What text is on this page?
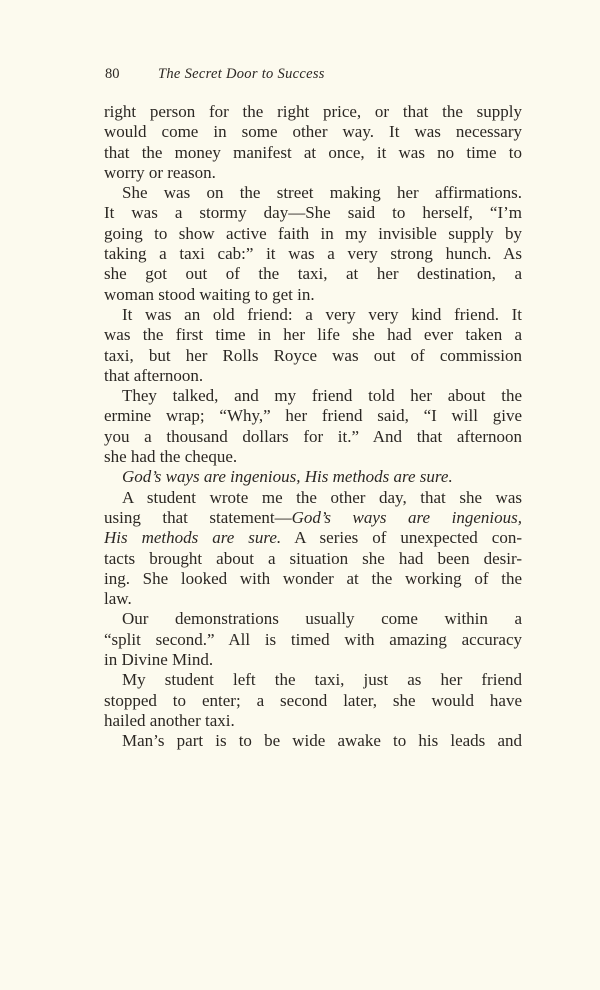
80	The Secret Door to Success
right person for the right price, or that the supply
would come in some other way. It was necessary
that the money manifest at once, it was no time to
worry or reason.
She was on the street making her affirmations.
It was a stormy day—She said to herself, “I’m
going to show active faith in my invisible supply by
taking a taxi cab:” it was a very strong hunch. As
she got out of the taxi, at her destination, a
woman stood waiting to get in.
It was an old friend: a very very kind friend. It
was the first time in her life she had ever taken a
taxi, but her Rolls Royce was out of commission
that afternoon.
They talked, and my friend told her about the
ermine wrap; “Why,” her friend said, “I will give
you a thousand dollars for it.” And that afternoon
she had the cheque.
God’s ways are ingenious, His methods are sure.
A student wrote me the other day, that she was
using that statement—God’s ways are ingenious,
His methods are sure. A series of unexpected con-
tacts brought about a situation she had been desir-
ing. She looked with wonder at the working of the
law.
Our demonstrations usually come within a
“split second.” All is timed with amazing accuracy
in Divine Mind.
My student left the taxi, just as her friend
stopped to enter; a second later, she would have
hailed another taxi.
Man’s part is to be wide awake to his leads and
